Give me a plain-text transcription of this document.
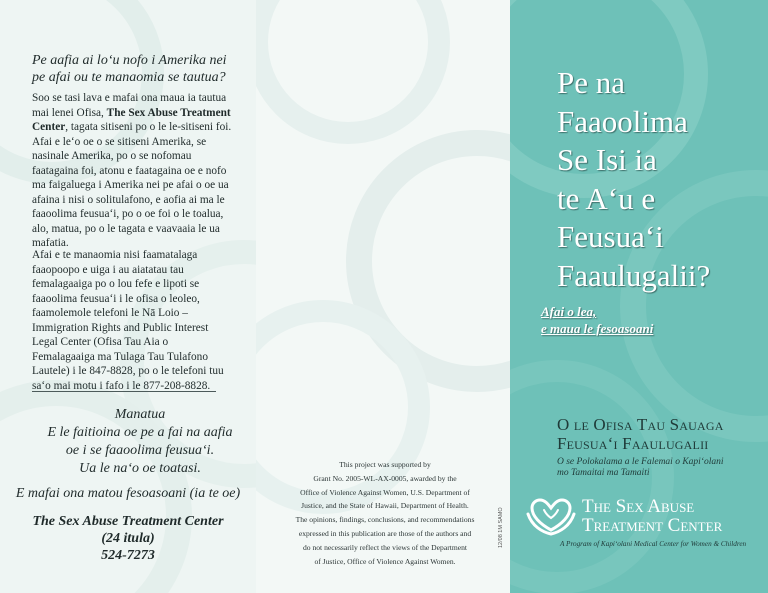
Pe aafia ai lo‘u nofo i Amerika nei
pe afai ou te manaomia se tautua?
Soo se tasi lava e mafai ona maua ia tautua mai lenei Ofisa, The Sex Abuse Treatment Center, tagata sitiseni po o le le-sitiseni foi. Afai e le‘o oe o se sitiseni Amerika, se nasinale Amerika, po o se nofomau faatagaina foi, atonu e faatagaina oe e nofo ma faigaluega i Amerika nei pe afai o oe ua afaina i nisi o solitulafono, e aofia ai ma le faaoolima feusua‘i, po o oe foi o le toalua, alo, matua, po o le tagata e vaavaaia le ua mafatia.
Afai e te manaomia nisi faamatalaga faaopoopo e uiga i au aiatatau tau femalagaaiga po o lou fefe e lipoti se faaoolima feusua‘i i le ofisa o leoleo, faamolemole telefoni le Nā Loio – Immigration Rights and Public Interest Legal Center (Ofisa Tau Aia o Femalagaaiga ma Tulaga Tau Tulafono Lautele) i le 847-8828, po o le telefoni tuu sa‘o mai motu i fafo i le 877-208-8828.
Manatua
E le faitioina oe pe a fai na aafia
oe i se faaoolima feusua‘i.
Ua le na‘o oe toatasi.
E mafai ona matou fesoasoani (ia te oe)
The Sex Abuse Treatment Center
(24 itula)
524-7273
This project was supported by
Grant No. 2005-WL-AX-0005, awarded by the
Office of Violence Against Women, U.S. Department of
Justice, and the State of Hawaii, Department of Health.
The opinions, findings, conclusions, and recommendations
expressed in this publication are those of the authors and
do not necessarily reflect the views of the Department
of Justice, Office of Violence Against Women.
12/08 1M SAMO
Pe na
Faaoolima
Se Isi ia
te A‘u e
Feusua‘i
Faaulugalii?
Afai o lea,
e maua le fesoasoani
O le Ofisa Tau Sauaga
Feusua‘i Faaulugalii
O se Polokalama a le Falemai o Kapi‘olani
mo Tamaitai ma Tamaiti
The Sex Abuse
Treatment Center
A Program of Kapi‘olani Medical Center for Women & Children
